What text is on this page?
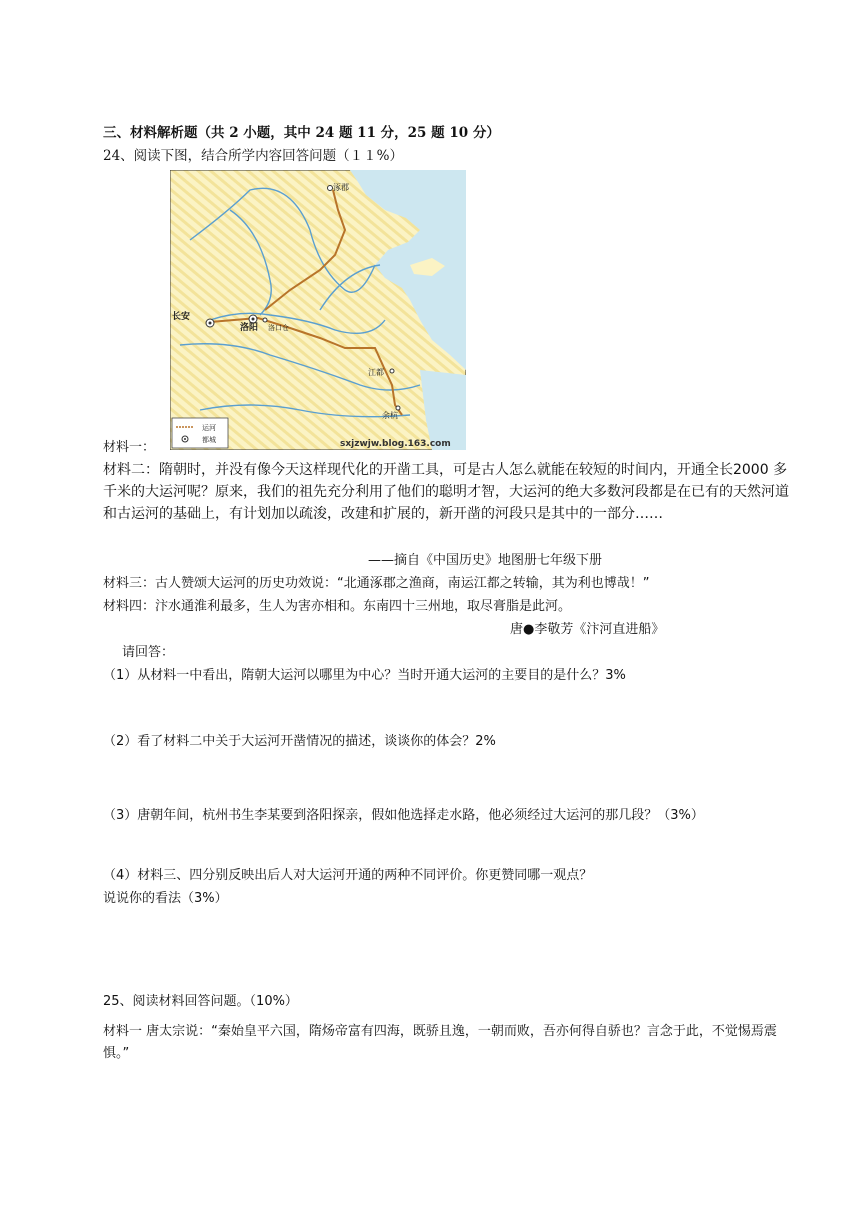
三、材料解析题（共 2 小题，其中 24 题 11 分，25 题 10 分）
24、阅读下图，结合所学内容回答问题（１１%）
涿郡
长安
洛阳 洛口仓
江都
余杭
运河
都城	sxjzwjw.blog.163.com
材料一：
材料二：隋朝时，并没有像今天这样现代化的开凿工具，可是古人怎么就能在较短的时间内，开通全长2000 多千米的大运河呢？原来，我们的祖先充分利用了他们的聪明才智，大运河的绝大多数河段都是在已有的天然河道和古运河的基础上，有计划加以疏浚，改建和扩展的，新开凿的河段只是其中的一部分……
——摘自《中国历史》地图册七年级下册
材料三：古人赞颂大运河的历史功效说：“北通涿郡之渔商，南运江都之转输，其为利也博哉！”
材料四：汴水通淮利最多，生人为害亦相和。东南四十三州地，取尽膏脂是此河。
唐●李敬芳《汴河直进船》
请回答：
（1）从材料一中看出，隋朝大运河以哪里为中心？当时开通大运河的主要目的是什么？3%
（2）看了材料二中关于大运河开凿情况的描述，谈谈你的体会？2%
（3）唐朝年间，杭州书生李某要到洛阳探亲，假如他选择走水路，他必须经过大运河的那几段？（3%）
（4）材料三、四分别反映出后人对大运河开通的两种不同评价。你更赞同哪一观点？
说说你的看法（3%）
25、阅读材料回答问题。（10%）
材料一 唐太宗说：“秦始皇平六国，隋炀帝富有四海，既骄且逸，一朝而败，吾亦何得自骄也？言念于此，不觉惕焉震惧。”
